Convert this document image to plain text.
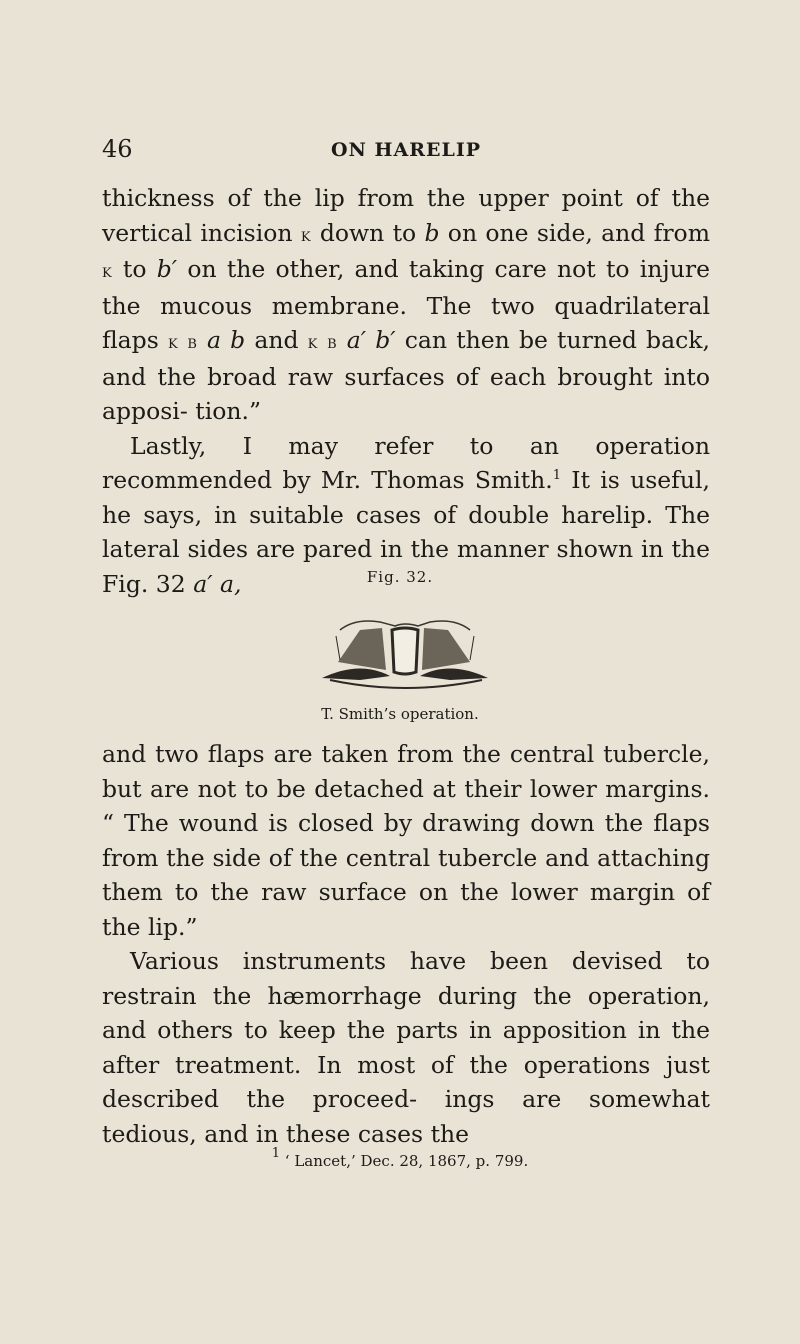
46	ON HARELIP

thickness of the lip from the upper point of the vertical incision k down to b on one side, and from k to b′ on the other, and taking care not to injure the mucous membrane. The two quadrilateral flaps k b a b and k b a′ b′ can then be turned back, and the broad raw surfaces of each brought into apposi- tion.”

Lastly, I may refer to an operation recommended by Mr. Thomas Smith.$^1$ It is useful, he says, in suitable cases of double harelip. The lateral sides are pared in the manner shown in the Fig. 32 a′ a,	Fig. 32.
T. Smith’s operation.

and two flaps are taken from the central tubercle, but are not to be detached at their lower margins. “ The wound is closed by drawing down the flaps from the side of the central tubercle and attaching them to the raw surface on the lower margin of the lip.”

Various instruments have been devised to restrain the hæmorrhage during the operation, and others to keep the parts in apposition in the after treatment. In most of the operations just described the proceed- ings are somewhat tedious, and in these cases the

$^1$ ‘ Lancet,’ Dec. 28, 1867, p. 799.
